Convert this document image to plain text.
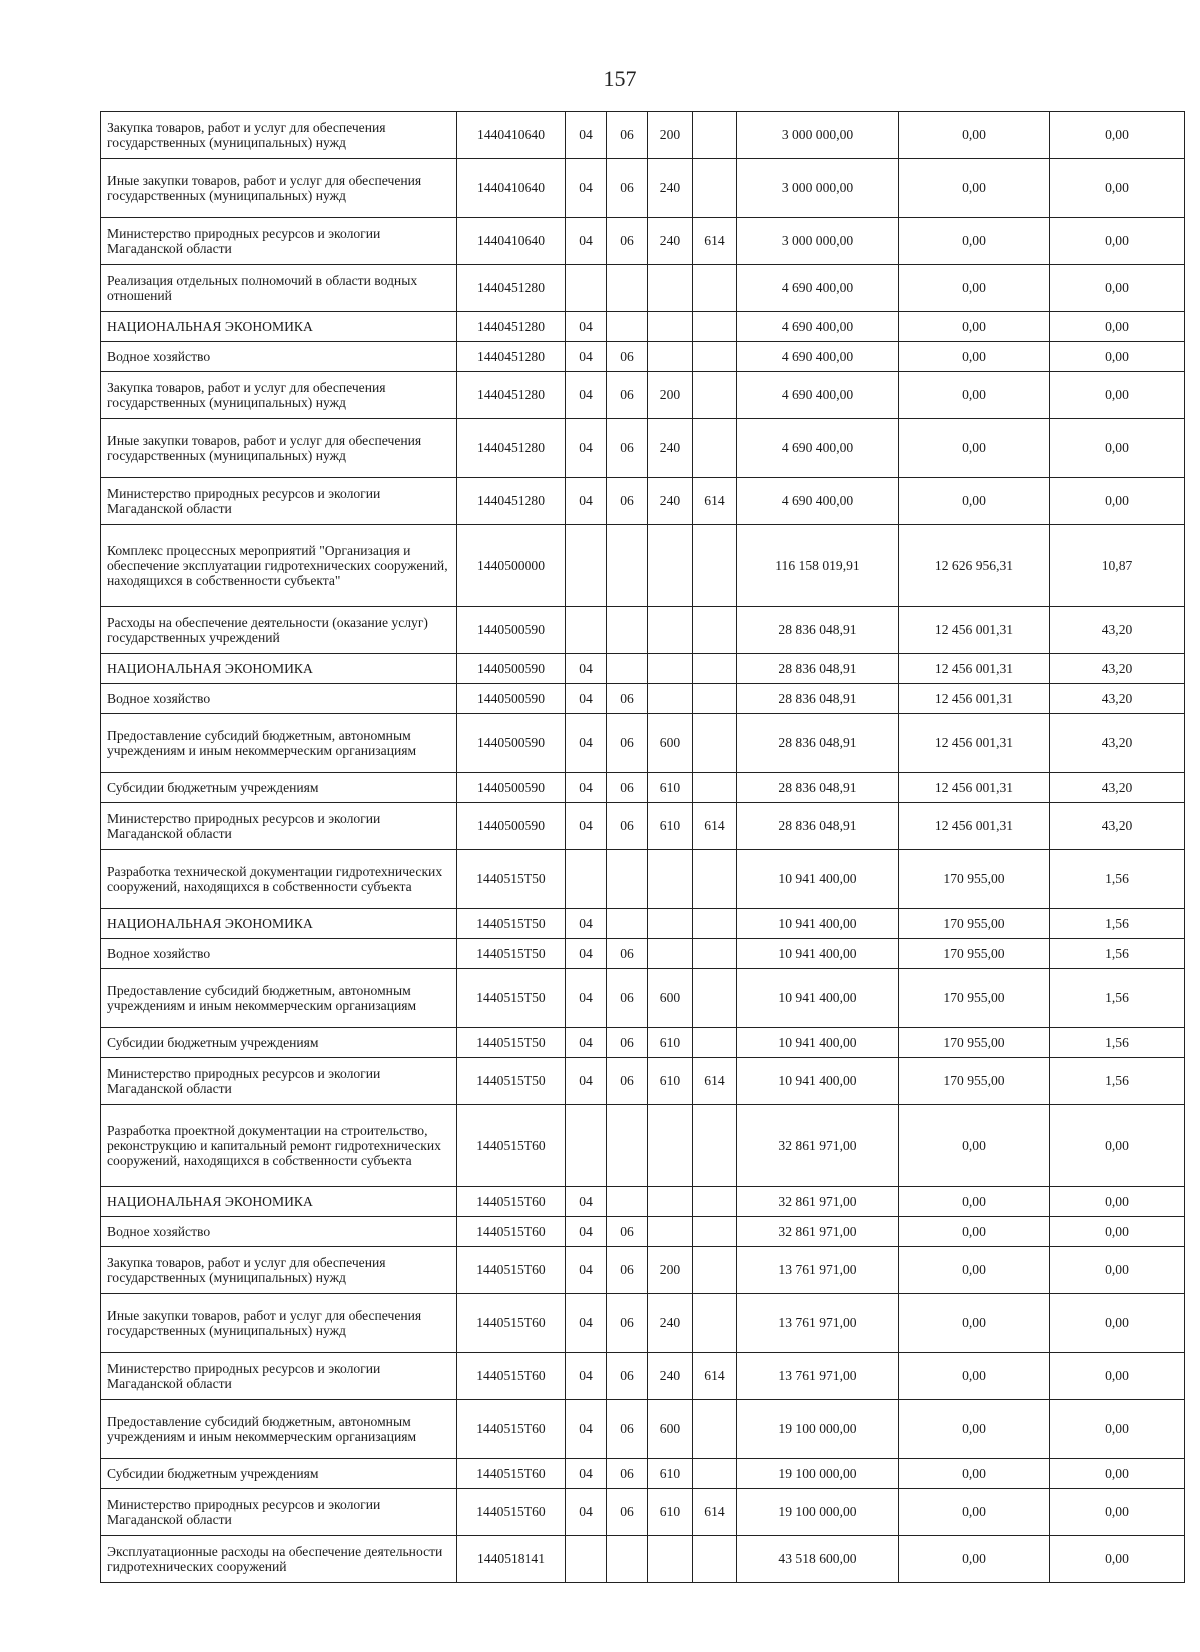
157
Закупка товаров, работ и услуг для обеспечения государственных (муниципальных) нужд	1440410640	04	06	200		3 000 000,00	0,00	0,00
Иные закупки товаров, работ и услуг для обеспечения государственных (муниципальных) нужд	1440410640	04	06	240		3 000 000,00	0,00	0,00
Министерство природных ресурсов и экологии Магаданской области	1440410640	04	06	240	614	3 000 000,00	0,00	0,00
Реализация отдельных полномочий в области водных отношений	1440451280					4 690 400,00	0,00	0,00
НАЦИОНАЛЬНАЯ ЭКОНОМИКА	1440451280	04				4 690 400,00	0,00	0,00
Водное хозяйство	1440451280	04	06			4 690 400,00	0,00	0,00
Закупка товаров, работ и услуг для обеспечения государственных (муниципальных) нужд	1440451280	04	06	200		4 690 400,00	0,00	0,00
Иные закупки товаров, работ и услуг для обеспечения государственных (муниципальных) нужд	1440451280	04	06	240		4 690 400,00	0,00	0,00
Министерство природных ресурсов и экологии Магаданской области	1440451280	04	06	240	614	4 690 400,00	0,00	0,00
Комплекс процессных мероприятий "Организация и обеспечение эксплуатации гидротехнических сооружений, находящихся в собственности субъекта"	1440500000					116 158 019,91	12 626 956,31	10,87
Расходы на обеспечение деятельности (оказание услуг) государственных учреждений	1440500590					28 836 048,91	12 456 001,31	43,20
НАЦИОНАЛЬНАЯ ЭКОНОМИКА	1440500590	04				28 836 048,91	12 456 001,31	43,20
Водное хозяйство	1440500590	04	06			28 836 048,91	12 456 001,31	43,20
Предоставление субсидий бюджетным, автономным учреждениям и иным некоммерческим организациям	1440500590	04	06	600		28 836 048,91	12 456 001,31	43,20
Субсидии бюджетным учреждениям	1440500590	04	06	610		28 836 048,91	12 456 001,31	43,20
Министерство природных ресурсов и экологии Магаданской области	1440500590	04	06	610	614	28 836 048,91	12 456 001,31	43,20
Разработка технической документации гидротехнических сооружений, находящихся в собственности субъекта	1440515Т50					10 941 400,00	170 955,00	1,56
НАЦИОНАЛЬНАЯ ЭКОНОМИКА	1440515Т50	04				10 941 400,00	170 955,00	1,56
Водное хозяйство	1440515Т50	04	06			10 941 400,00	170 955,00	1,56
Предоставление субсидий бюджетным, автономным учреждениям и иным некоммерческим организациям	1440515Т50	04	06	600		10 941 400,00	170 955,00	1,56
Субсидии бюджетным учреждениям	1440515Т50	04	06	610		10 941 400,00	170 955,00	1,56
Министерство природных ресурсов и экологии Магаданской области	1440515Т50	04	06	610	614	10 941 400,00	170 955,00	1,56
Разработка проектной документации на строительство, реконструкцию и капитальный ремонт гидротехнических сооружений, находящихся в собственности субъекта	1440515Т60					32 861 971,00	0,00	0,00
НАЦИОНАЛЬНАЯ ЭКОНОМИКА	1440515Т60	04				32 861 971,00	0,00	0,00
Водное хозяйство	1440515Т60	04	06			32 861 971,00	0,00	0,00
Закупка товаров, работ и услуг для обеспечения государственных (муниципальных) нужд	1440515Т60	04	06	200		13 761 971,00	0,00	0,00
Иные закупки товаров, работ и услуг для обеспечения государственных (муниципальных) нужд	1440515Т60	04	06	240		13 761 971,00	0,00	0,00
Министерство природных ресурсов и экологии Магаданской области	1440515Т60	04	06	240	614	13 761 971,00	0,00	0,00
Предоставление субсидий бюджетным, автономным учреждениям и иным некоммерческим организациям	1440515Т60	04	06	600		19 100 000,00	0,00	0,00
Субсидии бюджетным учреждениям	1440515Т60	04	06	610		19 100 000,00	0,00	0,00
Министерство природных ресурсов и экологии Магаданской области	1440515Т60	04	06	610	614	19 100 000,00	0,00	0,00
Эксплуатационные расходы на обеспечение деятельности гидротехнических сооружений	1440518141					43 518 600,00	0,00	0,00
